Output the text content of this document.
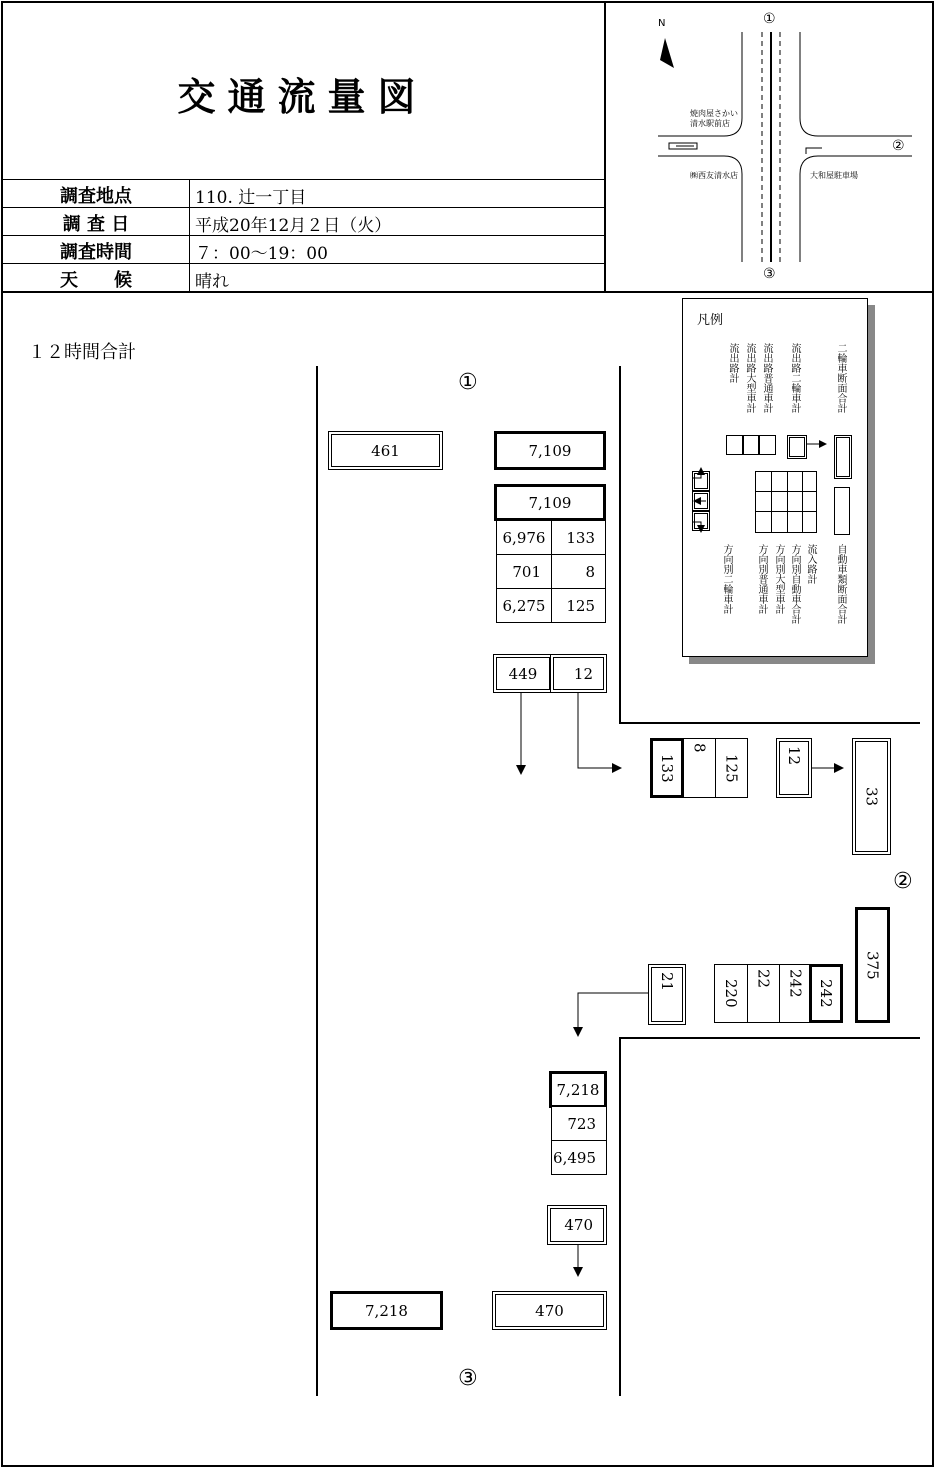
交通流量図
調査地点	110. 辻一丁目
調 査 日	平成20年12月２日（火）
調査時間	７：00〜19：00
天　　候	晴れ
N
焼肉屋さかい
清水駅前店
㈱西友清水店	大和屋駐車場
①
②
③
１２時間合計
①
②
③
461	7,109
7,109
6,976	133
701	8
6,275	125
449	12
133
8
125	12
33
21	220
22 242 242
375
7,218
723
6,495
470
7,218	470
凡例
流出路計 流出路大型車計 流出路普通車計 流出路二輪車計	二輪車断面合計
方向別二輪車計 方向別普通車計 方向別大型車計 方向別自動車合計 流入路計 自動車類断面合計
